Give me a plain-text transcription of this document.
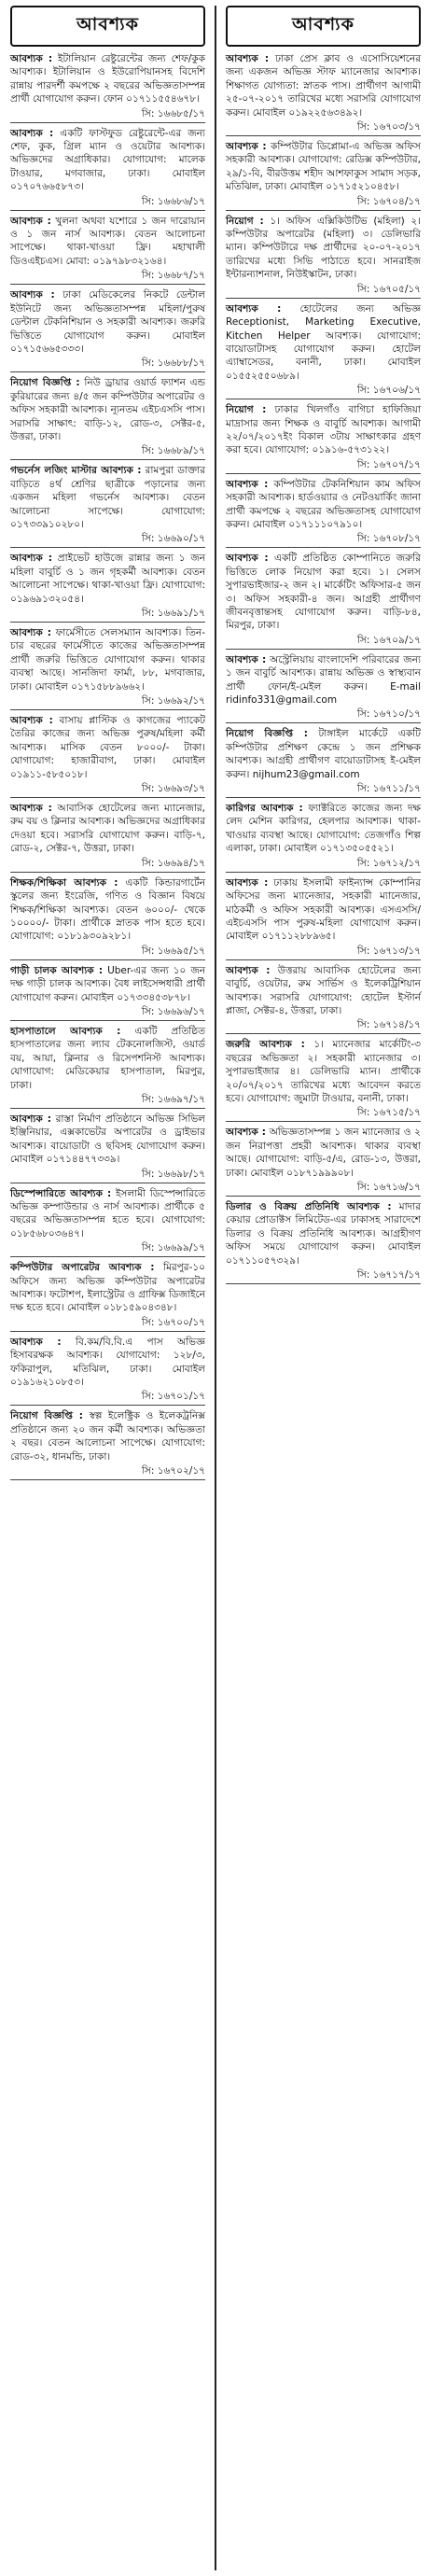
আবশ্যক

আবশ্যক : ইটালিয়ান রেষ্টুরেন্টের জন্য শেফ/কুক আবশ্যক। ইটালিয়ান ও ইউরোপিয়ানসহ বিদেশি রান্নায় পারদর্শী কমপক্ষে ২ বছরের অভিজ্ঞতাসম্পন্ন প্রার্থী যোগাযোগ করুন। ফোন ০১৭১১৫৫৪৬৭৮।

সি: ১৬৬৮৫/১৭

আবশ্যক : একটি ফাস্টফুড রেষ্টুরেন্টে-এর জন্য শেফ, কুক, গ্রিল ম্যান ও ওয়েটার আবশ্যক। অভিজ্ঞদের অগ্রাধিকার। যোগাযোগ: মালেক টাওয়ার, মগবাজার, ঢাকা। মোবাইল ০১৭০৭৬৬৫৮৭৩।

সি: ১৬৬৮৬/১৭

আবশ্যক : খুলনা অথবা যশোরে ১ জন দারোয়ান ও ১ জন নার্স আবশ্যক। বেতন আলোচনা সাপেক্ষে। থাকা-খাওয়া ফ্রি। মহাখালী ডিওএইচএস। মোবা: ০১৯৭৯৮৩২১৬৪।

সি: ১৬৬৮৭/১৭

আবশ্যক : ঢাকা মেডিকেলের নিকটে ডেন্টাল ইউনিটে জন্য অভিজ্ঞতাসম্পন্ন মহিলা/পুরুষ ডেন্টাল টেকনিশিয়ান ও সহকারী আবশ্যক। জরুরি ভিত্তিতে যোগাযোগ করুন। মোবাইল ০১৭১৫৬৬৫৩৩৩।

সি: ১৬৬৮৮/১৭

নিয়োগ বিজ্ঞপ্তি : নিউ ড্রায়ার ওয়ার্ড ফ্যাশন এন্ড কুরিয়ারের জন্য ৪/৫ জন কম্পিউটার অপারেটর ও অফিস সহকারী আবশ্যক। ন্যূনতম এইচএসসি পাস। সরাসরি সাক্ষাৎ: বাড়ি-১২, রোড-৩, সেক্টর-৫, উত্তরা, ঢাকা।

সি: ১৬৬৮৯/১৭

গভর্নেস লজিং মাস্টার আবশ্যক : রামপুরা ডাক্তার বাড়িতে ৪র্থ শ্রেণির ছাত্রীকে পড়ানোর জন্য একজন মহিলা গভর্নেস আবশ্যক। বেতন আলোচনা সাপেক্ষে। যোগাযোগ: ০১৭৩৩৯১০২৮০।

সি: ১৬৬৯০/১৭

আবশ্যক : প্রাইভেট হাউজে রান্নার জন্য ১ জন মহিলা বাবুর্চি ও ১ জন গৃহকর্মী আবশ্যক। বেতন আলোচনা সাপেক্ষে। থাকা-খাওয়া ফ্রি। যোগাযোগ: ০১৯৬৯১৩২০৫৪।

সি: ১৬৬৯১/১৭

আবশ্যক : ফার্মেসীতে সেলসম্যান আবশ্যক। তিন-চার বছরের ফার্মেসীতে কাজের অভিজ্ঞতাসম্পন্ন প্রার্থী জরুরি ভিত্তিতে যোগাযোগ করুন। থাকার ব্যবস্থা আছে। সানজিদা ফার্মা, ৮৮, মগবাজার, ঢাকা। মোবাইল ০১৭১৫৮৮৯৬৬২।

সি: ১৬৬৯২/১৭

আবশ্যক : বাসায় প্লাস্টিক ও কাগজের প্যাকেট তৈরির কাজের জন্য অভিজ্ঞ পুরুষ/মহিলা কর্মী আবশ্যক। মাসিক বেতন ৮০০০/- টাকা। যোগাযোগ: হাজারীবাগ, ঢাকা। মোবাইল ০১৯১১-৫৮৫০১৮।

সি: ১৬৬৯৩/১৭

আবশ্যক : আবাসিক হোটেলের জন্য ম্যানেজার, রুম বয় ও ক্লিনার আবশ্যক। অভিজ্ঞদের অগ্রাধিকার দেওয়া হবে। সরাসরি যোগাযোগ করুন। বাড়ি-৭, রোড-২, সেক্টর-৭, উত্তরা, ঢাকা।

সি: ১৬৬৯৪/১৭

শিক্ষক/শিক্ষিকা আবশ্যক : একটি কিন্ডারগার্টেন স্কুলের জন্য ইংরেজি, গণিত ও বিজ্ঞান বিষয়ে শিক্ষক/শিক্ষিকা আবশ্যক। বেতন ৬০০০/- থেকে ১০০০০/- টাকা। প্রার্থীকে স্নাতক পাস হতে হবে। যোগাযোগ: ০১৮১৯৩০৯২৮১।

সি: ১৬৬৯৫/১৭

গাড়ী চালক আবশ্যক : Uber-এর জন্য ১০ জন দক্ষ গাড়ী চালক আবশ্যক। বৈধ লাইসেন্সধারী প্রার্থী যোগাযোগ করুন। মোবাইল ০১৭৩৩৪৫৩৮৭৮।

সি: ১৬৬৯৬/১৭

হাসপাতালে আবশ্যক : একটি প্রতিষ্ঠিত হাসপাতালের জন্য ল্যাব টেকনোলজিস্ট, ওয়ার্ড বয়, আয়া, ক্লিনার ও রিসেপশনিস্ট আবশ্যক। যোগাযোগ: মেডিকেয়ার হাসপাতাল, মিরপুর, ঢাকা।

সি: ১৬৬৯৭/১৭

আবশ্যক : রাস্তা নির্মাণ প্রতিষ্ঠানে অভিজ্ঞ সিভিল ইঞ্জিনিয়ার, এক্সকাভেটর অপারেটর ও ড্রাইভার আবশ্যক। বায়োডাটা ও ছবিসহ যোগাযোগ করুন। মোবাইল ০১৭১৪৪৭৭৩৩৯।

সি: ১৬৬৯৮/১৭

ডিস্পেন্সারিতে আবশ্যক : ইসলামী ডিস্পেন্সারিতে অভিজ্ঞ কম্পাউন্ডার ও নার্স আবশ্যক। প্রার্থীকে ৫ বছরের অভিজ্ঞতাসম্পন্ন হতে হবে। যোগাযোগ: ০১৮৫৬৮০৩৬৪৭।

সি: ১৬৬৯৯/১৭

কম্পিউটার অপারেটর আবশ্যক : মিরপুর-১০ অফিসে জন্য অভিজ্ঞ কম্পিউটার অপারেটর আবশ্যক। ফটোশপ, ইলাস্ট্রেটর ও গ্রাফিক্স ডিজাইনে দক্ষ হতে হবে। মোবাইল ০১৮১৫৯০৪৩৪৮।

সি: ১৬৭০০/১৭

আবশ্যক : বি.কম/বি.বি.এ পাস অভিজ্ঞ হিসাবরক্ষক আবশ্যক। যোগাযোগ: ১২৮/৩, ফকিরাপুল, মতিঝিল, ঢাকা। মোবাইল ০১৯১৬২১০৮৫৩।

সি: ১৬৭০১/১৭

নিয়োগ বিজ্ঞপ্তি : স্বল্প ইলেক্ট্রিক ও ইলেকট্রনিক্স প্রতিষ্ঠানে জন্য ২০ জন কর্মী আবশ্যক। অভিজ্ঞতা ২ বছর। বেতন আলোচনা সাপেক্ষে। যোগাযোগ: রোড-৩২, ধানমন্ডি, ঢাকা।

সি: ১৬৭০২/১৭
আবশ্যক

আবশ্যক : ঢাকা প্রেস ক্লাব ও এসোসিয়েশনের জন্য একজন অভিজ্ঞ স্টাফ ম্যানেজার আবশ্যক। শিক্ষাগত যোগ্যতা: স্নাতক পাস। প্রার্থীগণ আগামী ২৫-০৭-২০১৭ তারিখের মধ্যে সরাসরি যোগাযোগ করুন। মোবাইল ০১৯২২৫৬৩৪৯২।

সি: ১৬৭০৩/১৭

আবশ্যক : কম্পিউটার ডিপ্লোমা-এ অভিজ্ঞ অফিস সহকারী আবশ্যক। যোগাযোগ: রেডিক্স কম্পিউটার, ২৯/১-বি, বীরউত্তম শহীদ আশফাকুস সামাদ সড়ক, মতিঝিল, ঢাকা। মোবাইল ০১৭১৫২১০৪৫৮।

সি: ১৬৭০৪/১৭

নিয়োগ : ১। অফিস এক্সিকিউটিভ (মহিলা) ২। কম্পিউটার অপারেটর (মহিলা) ৩। ডেলিভারি ম্যান। কম্পিউটারে দক্ষ প্রার্থীদের ২০-০৭-২০১৭ তারিখের মধ্যে সিভি পাঠাতে হবে। সানরাইজ ইন্টারন্যাশনাল, নিউইস্কাটন, ঢাকা।

সি: ১৬৭০৫/১৭

আবশ্যক : হোটেলের জন্য অভিজ্ঞ Receptionist, Marketing Executive, Kitchen Helper আবশ্যক। যোগাযোগ: বায়োডাটাসহ যোগাযোগ করুন। হোটেল এ্যাম্বাসেডর, বনানী, ঢাকা। মোবাইল ০১৫৫২৫৫০৬৮৯।

সি: ১৬৭০৬/১৭

নিয়োগ : ঢাকার খিলগাঁও বাগিচা হাফিজিয়া মাদ্রাসার জন্য শিক্ষক ও বাবুর্চি আবশ্যক। আগামী ২২/০৭/২০১৭ইং বিকাল ৩টায় সাক্ষাৎকার গ্রহণ করা হবে। যোগাযোগ: ০১৯১৬-৫৭৩১২২।

সি: ১৬৭০৭/১৭

আবশ্যক : কম্পিউটার টেকনিশিয়ান কাম অফিস সহকারী আবশ্যক। হার্ডওয়্যার ও নেটওয়ার্কিং জানা প্রার্থী কমপক্ষে ২ বছরের অভিজ্ঞতাসহ যোগাযোগ করুন। মোবাইল ০১৭১১১০৭৯১০।

সি: ১৬৭০৮/১৭

আবশ্যক : একটি প্রতিষ্ঠিত কোম্পানিতে জরুরি ভিত্তিতে লোক নিয়োগ করা হবে। ১। সেলস সুপারভাইজার-২ জন ২। মার্কেটিং অফিসার-৫ জন ৩। অফিস সহকারী-৪ জন। আগ্রহী প্রার্থীগণ জীবনবৃত্তান্তসহ যোগাযোগ করুন। বাড়ি-৮৪, মিরপুর, ঢাকা।

সি: ১৬৭০৯/১৭

আবশ্যক : অস্ট্রেলিয়ায় বাংলাদেশি পরিবারের জন্য ১ জন বাবুর্চি আবশ্যক। রান্নায় অভিজ্ঞ ও স্বাস্থ্যবান প্রার্থী ফোন/ই-মেইল করুন। E-mail ridinfo331@gmail.com

সি: ১৬৭১০/১৭

নিয়োগ বিজ্ঞপ্তি : টাঙ্গাইল মার্কেটে একটি কম্পিউটার প্রশিক্ষণ কেন্দ্রে ১ জন প্রশিক্ষক আবশ্যক। আগ্রহী প্রার্থীগণ বায়োডাটাসহ ই-মেইল করুন। nijhum23@gmail.com

সি: ১৬৭১১/১৭

কারিগর আবশ্যক : ফ্যাক্টরিতে কাজের জন্য দক্ষ লেদ মেশিন কারিগর, হেলপার আবশ্যক। থাকা-খাওয়ার ব্যবস্থা আছে। যোগাযোগ: তেজগাঁও শিল্প এলাকা, ঢাকা। মোবাইল ০১৭১৩৫০৫৫২১।

সি: ১৬৭১২/১৭

আবশ্যক : ঢাকায় ইসলামী ফাইন্যান্স কোম্পানির অফিসের জন্য ম্যানেজার, সহকারী ম্যানেজার, মাঠকর্মী ও অফিস সহকারী আবশ্যক। এসএসসি/এইচএসসি পাস পুরুষ-মহিলা যোগাযোগ করুন। মোবাইল ০১৭১১২৮৮৯৬৫।

সি: ১৬৭১৩/১৭

আবশ্যক : উত্তরায় আবাসিক হোটেলের জন্য বাবুর্চি, ওয়েটার, রুম সার্ভিস ও ইলেকট্রিশিয়ান আবশ্যক। সরাসরি যোগাযোগ: হোটেল ইস্টার্ন প্লাজা, সেক্টর-৪, উত্তরা, ঢাকা।

সি: ১৬৭১৪/১৭

জরুরি আবশ্যক : ১। ম্যানেজার মার্কেটিং-৩ বছরের অভিজ্ঞতা ২। সহকারী ম্যানেজার ৩। সুপারভাইজার ৪। ডেলিভারি ম্যান। প্রার্থীকে ২০/০৭/২০১৭ তারিখের মধ্যে আবেদন করতে হবে। যোগাযোগ: জুমাটা টাওয়ার, বনানী, ঢাকা।

সি: ১৬৭১৫/১৭

আবশ্যক : অভিজ্ঞতাসম্পন্ন ১ জন ম্যানেজার ও ২ জন নিরাপত্তা প্রহরী আবশ্যক। থাকার ব্যবস্থা আছে। যোগাযোগ: বাড়ি-৫/এ, রোড-১৩, উত্তরা, ঢাকা। মোবাইল ০১৮৭১৯৯৯০৮।

সি: ১৬৭১৬/১৭

ডিলার ও বিক্রয় প্রতিনিধি আবশ্যক : মাদার কেয়ার প্রোডাক্টস লিমিটেড-এর ঢাকাসহ সারাদেশে ডিলার ও বিক্রয় প্রতিনিধি আবশ্যক। আগ্রহীগণ অফিস সময়ে যোগাযোগ করুন। মোবাইল ০১৭১১০৫৭৩২৯।

সি: ১৬৭১৭/১৭
